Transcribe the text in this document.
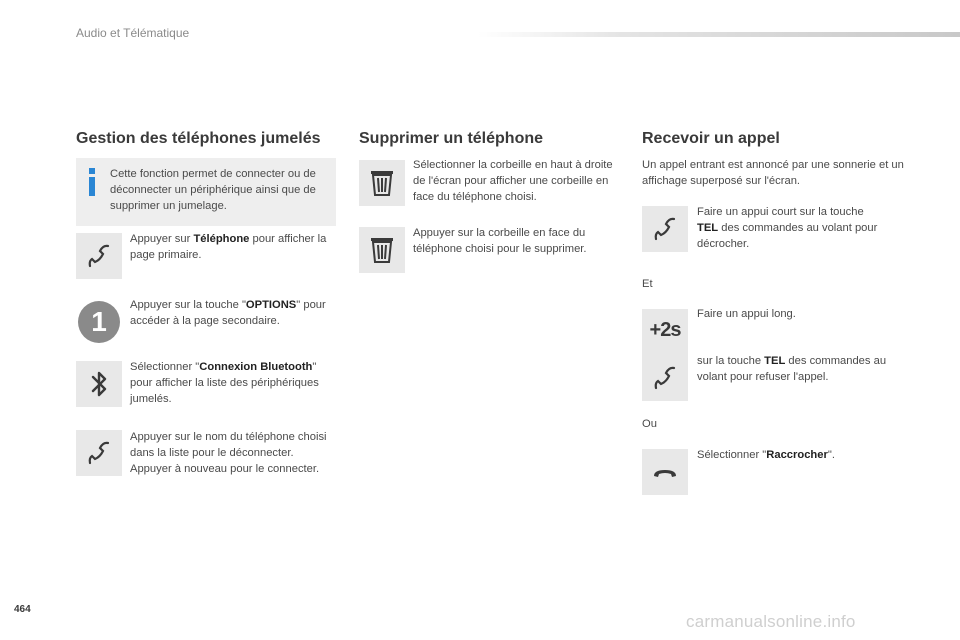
Audio et Télématique
Gestion des téléphones jumelés
Cette fonction permet de connecter ou de déconnecter un périphérique ainsi que de supprimer un jumelage.
Appuyer sur Téléphone pour afficher la page primaire.
1
Appuyer sur la touche "OPTIONS" pour accéder à la page secondaire.
Sélectionner "Connexion Bluetooth" pour afficher la liste des périphériques jumelés.
Appuyer sur le nom du téléphone choisi dans la liste pour le déconnecter.
Appuyer à nouveau pour le connecter.
Supprimer un téléphone
Sélectionner la corbeille en haut à droite de l'écran pour afficher une corbeille en face du téléphone choisi.
Appuyer sur la corbeille en face du téléphone choisi pour le supprimer.
Recevoir un appel
Un appel entrant est annoncé par une sonnerie et un affichage superposé sur l'écran.
Faire un appui court sur la touche TEL des commandes au volant pour décrocher.
Et
+2s
Faire un appui long.
sur la touche TEL des commandes au volant pour refuser l'appel.
Ou
Sélectionner "Raccrocher".
464
carmanualsonline.info
